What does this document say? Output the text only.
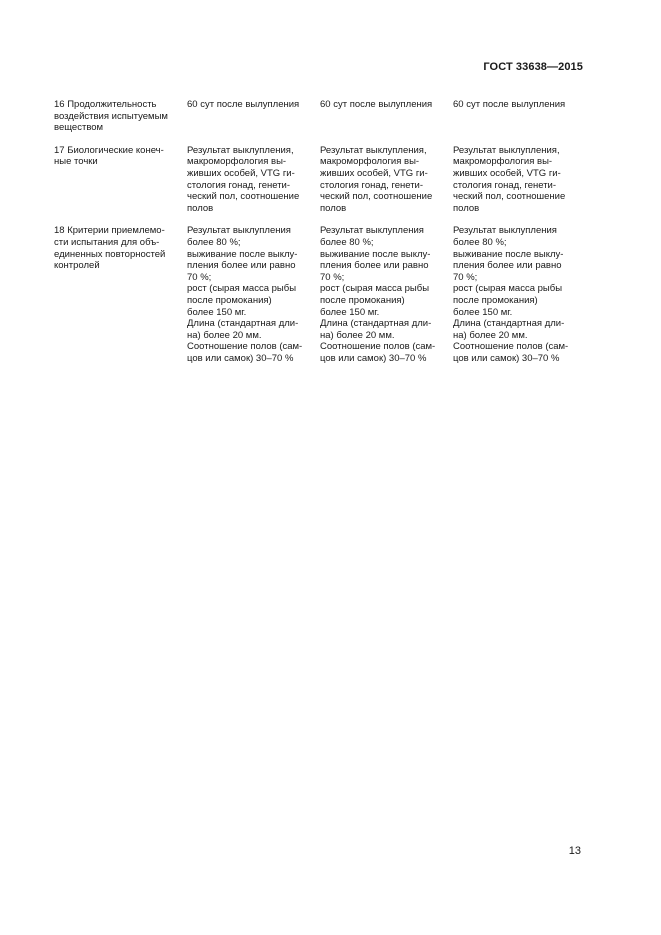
ГОСТ 33638—2015
16 Продолжительность
воздействия испытуемым
веществом
60 сут после вылупления	60 сут после вылупления	60 сут после вылупления
17 Биологические конеч-
ные точки
Результат выклупления,
макроморфология вы-
живших особей, VTG ги-
стология гонад, генети-
ческий пол, соотношение
полов
Результат выклупления,
макроморфология вы-
живших особей, VTG ги-
стология гонад, генети-
ческий пол, соотношение
полов
Результат выклупления,
макроморфология вы-
живших особей, VTG ги-
стология гонад, генети-
ческий пол, соотношение
полов
18 Критерии приемлемо-
сти испытания для объ-
единенных повторностей
контролей
Результат выклупления
более 80 %;
выживание после выклу-
пления более или равно
70 %;
рост (сырая масса рыбы
после промокания)
более 150 мг.
Длина (стандартная дли-
на) более 20 мм.
Соотношение полов (сам-
цов или самок) 30–70 %
Результат выклупления
более 80 %;
выживание после выклу-
пления более или равно
70 %;
рост (сырая масса рыбы
после промокания)
более 150 мг.
Длина (стандартная дли-
на) более 20 мм.
Соотношение полов (сам-
цов или самок) 30–70 %
Результат выклупления
более 80 %;
выживание после выклу-
пления более или равно
70 %;
рост (сырая масса рыбы
после промокания)
более 150 мг.
Длина (стандартная дли-
на) более 20 мм.
Соотношение полов (сам-
цов или самок) 30–70 %
13
